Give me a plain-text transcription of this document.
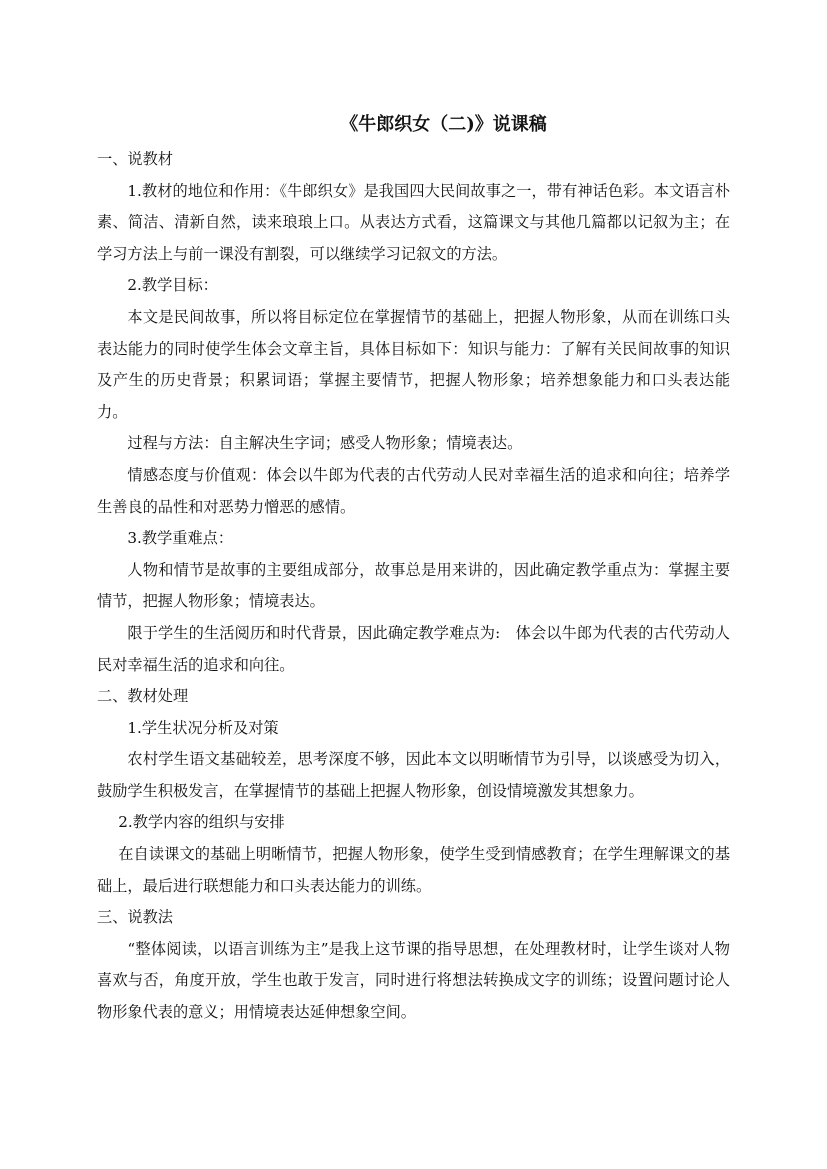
《牛郎织女（二)》说课稿

一、说教材

1.教材的地位和作用：《牛郎织女》是我国四大民间故事之一，带有神话色彩。本文语言朴素、简洁、清新自然，读来琅琅上口。从表达方式看，这篇课文与其他几篇都以记叙为主；在学习方法上与前一课没有割裂，可以继续学习记叙文的方法。

2.教学目标：

本文是民间故事，所以将目标定位在掌握情节的基础上，把握人物形象，从而在训练口头表达能力的同时使学生体会文章主旨，具体目标如下：知识与能力：了解有关民间故事的知识及产生的历史背景；积累词语；掌握主要情节，把握人物形象；培养想象能力和口头表达能力。

过程与方法：自主解决生字词；感受人物形象；情境表达。

情感态度与价值观：体会以牛郎为代表的古代劳动人民对幸福生活的追求和向往；培养学生善良的品性和对恶势力憎恶的感情。

3.教学重难点：

人物和情节是故事的主要组成部分，故事总是用来讲的，因此确定教学重点为：掌握主要情节，把握人物形象；情境表达。

限于学生的生活阅历和时代背景，因此确定教学难点为:　体会以牛郎为代表的古代劳动人民对幸福生活的追求和向往。

二、教材处理

1.学生状况分析及对策

农村学生语文基础较差，思考深度不够，因此本文以明晰情节为引导，以谈感受为切入，鼓励学生积极发言，在掌握情节的基础上把握人物形象，创设情境激发其想象力。

2.教学内容的组织与安排

在自读课文的基础上明晰情节，把握人物形象，使学生受到情感教育；在学生理解课文的基础上，最后进行联想能力和口头表达能力的训练。

三、说教法

“整体阅读，以语言训练为主”是我上这节课的指导思想，在处理教材时，让学生谈对人物喜欢与否，角度开放，学生也敢于发言，同时进行将想法转换成文字的训练；设置问题讨论人物形象代表的意义；用情境表达延伸想象空间。
